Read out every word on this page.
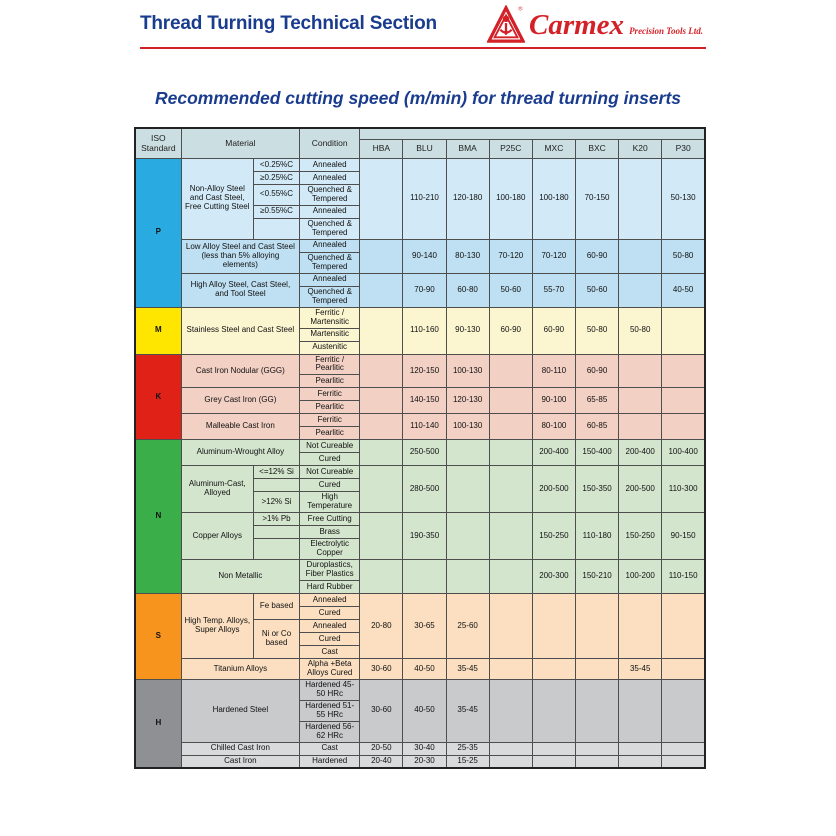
Thread Turning Technical Section
® Carmex Precision Tools Ltd.
Recommended cutting speed (m/min) for thread turning inserts
ISO Standard	Material		Condition								
				HBA	BLU	BMA	P25C	MXC	BXC	K20	P30
P	Non-Alloy Steel and Cast Steel, Free Cutting Steel	<0.25%C	Annealed		110-210	120-180	100-180	100-180	70-150		50-130
		≥0.25%C	Annealed								
		<0.55%C	Quenched & Tempered								
		≥0.55%C	Annealed								
			Quenched & Tempered								
	Low Alloy Steel and Cast Steel (less than 5% alloying elements)		Annealed		90-140	80-130	70-120	70-120	60-90		50-80
			Quenched & Tempered								
	High Alloy Steel, Cast Steel, and Tool Steel		Annealed		70-90	60-80	50-60	55-70	50-60		40-50
			Quenched & Tempered								
M	Stainless Steel and Cast Steel		Ferritic / Martensitic		110-160	90-130	60-90	60-90	50-80	50-80	
			Martensitic								
			Austenitic								
K	Cast Iron Nodular (GGG)		Ferritic / Pearlitic		120-150	100-130		80-110	60-90		
			Pearlitic								
	Grey Cast Iron (GG)		Ferritic		140-150	120-130		90-100	65-85		
			Pearlitic								
	Malleable Cast Iron		Ferritic		110-140	100-130		80-100	60-85		
			Pearlitic								
N	Aluminum-Wrought Alloy		Not Cureable		250-500			200-400	150-400	200-400	100-400
			Cured								
	Aluminum-Cast, Alloyed	<=12% Si	Not Cureable		280-500			200-500	150-350	200-500	110-300
			Cured								
		>12% Si	High Temperature								
	Copper Alloys	>1% Pb	Free Cutting		190-350			150-250	110-180	150-250	90-150
			Brass								
			Electrolytic Copper								
	Non Metallic		Duroplastics, Fiber Plastics					200-300	150-210	100-200	110-150
			Hard Rubber								
S	High Temp. Alloys, Super Alloys	Fe based	Annealed	20-80	30-65	25-60					
			Cured								
		Ni or Co based	Annealed								
			Cured								
			Cast								
	Titanium Alloys		Alpha +Beta Alloys Cured	30-60	40-50	35-45				35-45	
H	Hardened Steel		Hardened 45-50 HRc	30-60	40-50	35-45					
			Hardened 51-55 HRc								
			Hardened 56-62 HRc								
	Chilled Cast Iron		Cast	20-50	30-40	25-35					
	Cast Iron		Hardened	20-40	20-30	15-25					
